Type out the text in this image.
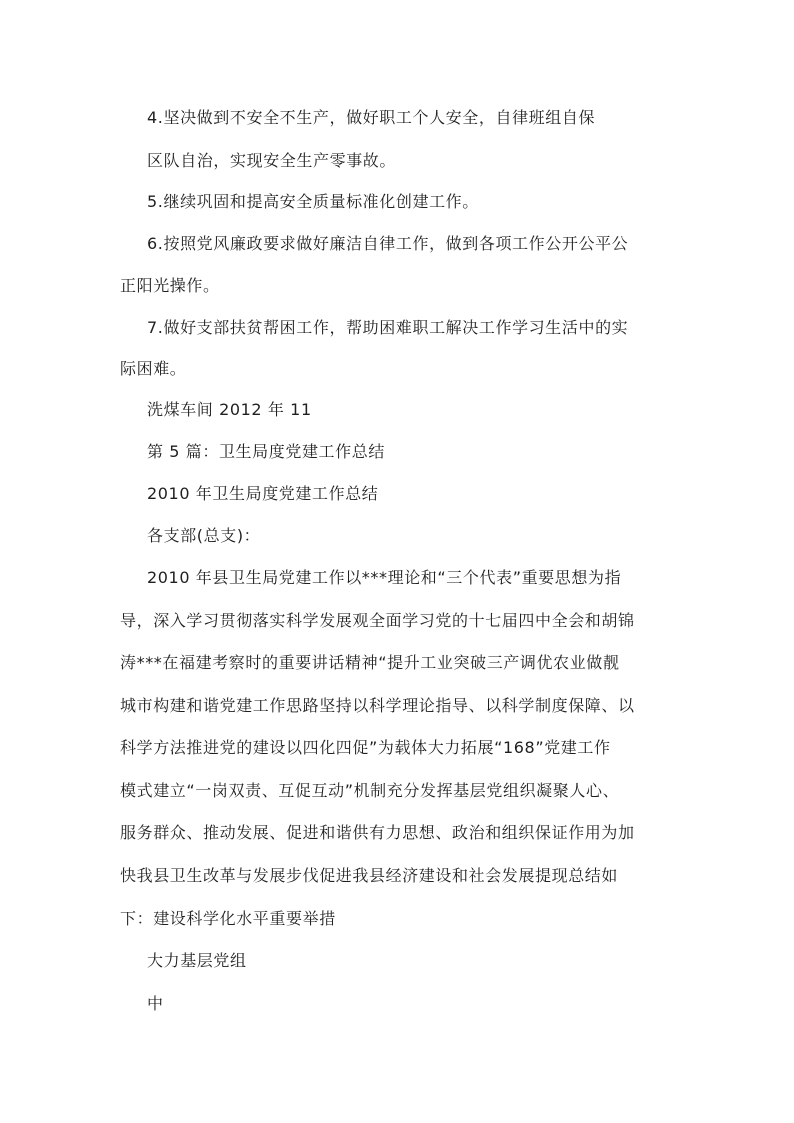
4.坚决做到不安全不生产，做好职工个人安全，自律班组自保
区队自治，实现安全生产零事故。
5.继续巩固和提高安全质量标准化创建工作。
6.按照党风廉政要求做好廉洁自律工作，做到各项工作公开公平公
正阳光操作。
7.做好支部扶贫帮困工作，帮助困难职工解决工作学习生活中的实
际困难。
洗煤车间 2012 年 11
第 5 篇：卫生局度党建工作总结
2010 年卫生局度党建工作总结
各支部(总支)：
2010 年县卫生局党建工作以***理论和“三个代表”重要思想为指
导，深入学习贯彻落实科学发展观全面学习党的十七届四中全会和胡锦
涛***在福建考察时的重要讲话精神“提升工业突破三产调优农业做靓
城市构建和谐党建工作思路坚持以科学理论指导、以科学制度保障、以
科学方法推进党的建设以四化四促”为载体大力拓展“168”党建工作
模式建立“一岗双责、互促互动”机制充分发挥基层党组织凝聚人心、
服务群众、推动发展、促进和谐供有力思想、政治和组织保证作用为加
快我县卫生改革与发展步伐促进我县经济建设和社会发展提现总结如
下：建设科学化水平重要举措
大力基层党组
中
